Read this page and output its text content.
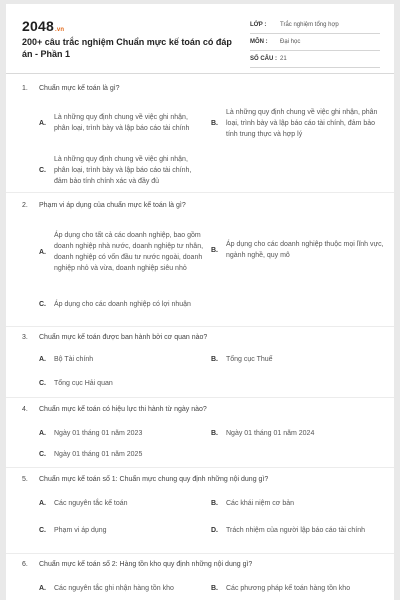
2048.vn
200+ câu trắc nghiệm Chuẩn mực kế toán có đáp án - Phần 1
LỚP :	Trắc nghiệm tổng hợp
MÔN :	Đại học
SỐ CÂU : 21
1.	Chuẩn mực kế toán là gì?
A.
Là những quy định chung về việc ghi nhận, phân loại, trình bày và lập báo cáo tài chính
B.
Là những quy định chung về việc ghi nhận, phân loại, trình bày và lập báo cáo tài chính, đảm bảo tính trung thực và hợp lý
C.
Là những quy định chung về việc ghi nhận, phân loại, trình bày và lập báo cáo tài chính, đảm bảo tính chính xác và đầy đủ
2.	Phạm vi áp dụng của chuẩn mực kế toán là gì?
A.
Áp dụng cho tất cả các doanh nghiệp, bao gồm doanh nghiệp nhà nước, doanh nghiệp tư nhân, doanh nghiệp có vốn đầu tư nước ngoài, doanh nghiệp nhỏ và vừa, doanh nghiệp siêu nhỏ
B.
Áp dụng cho các doanh nghiệp thuộc mọi lĩnh vực, ngành nghề, quy mô
C.	Áp dụng cho các doanh nghiệp có lợi nhuận
3.	Chuẩn mực kế toán được ban hành bởi cơ quan nào?
A.	Bộ Tài chính	B.	Tổng cục Thuế
C.	Tổng cục Hải quan
4.	Chuẩn mực kế toán có hiệu lực thi hành từ ngày nào?
A.	Ngày 01 tháng 01 năm 2023	B.	Ngày 01 tháng 01 năm 2024
C.	Ngày 01 tháng 01 năm 2025
5.	Chuẩn mực kế toán số 1: Chuẩn mực chung quy định những nội dung gì?
A.	Các nguyên tắc kế toán	B.	Các khái niệm cơ bản
C.	Phạm vi áp dụng	D.	Trách nhiệm của người lập báo cáo tài chính
6.	Chuẩn mực kế toán số 2: Hàng tồn kho quy định những nội dung gì?
A.	Các nguyên tắc ghi nhận hàng tồn kho	B.	Các phương pháp kế toán hàng tồn kho
